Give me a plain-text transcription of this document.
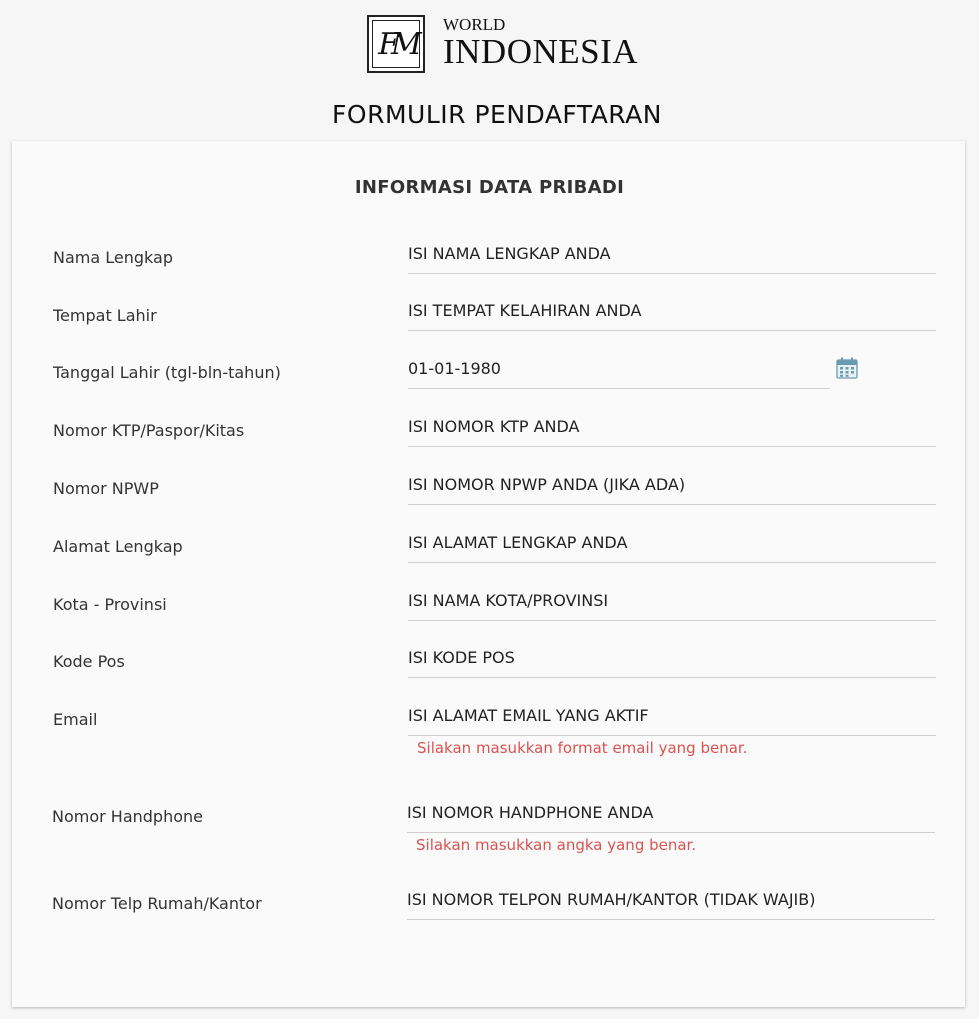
FM
WORLD
INDONESIA
FORMULIR PENDAFTARAN
INFORMASI DATA PRIBADI
Nama Lengkap
ISI NAMA LENGKAP ANDA
Tempat Lahir
ISI TEMPAT KELAHIRAN ANDA
Tanggal Lahir (tgl-bln-tahun)
01-01-1980
Nomor KTP/Paspor/Kitas
ISI NOMOR KTP ANDA
Nomor NPWP
ISI NOMOR NPWP ANDA (JIKA ADA)
Alamat Lengkap
ISI ALAMAT LENGKAP ANDA
Kota - Provinsi
ISI NAMA KOTA/PROVINSI
Kode Pos
ISI KODE POS
Email
ISI ALAMAT EMAIL YANG AKTIF
Silakan masukkan format email yang benar.
Nomor Handphone
ISI NOMOR HANDPHONE ANDA
Silakan masukkan angka yang benar.
Nomor Telp Rumah/Kantor
ISI NOMOR TELPON RUMAH/KANTOR (TIDAK WAJIB)
